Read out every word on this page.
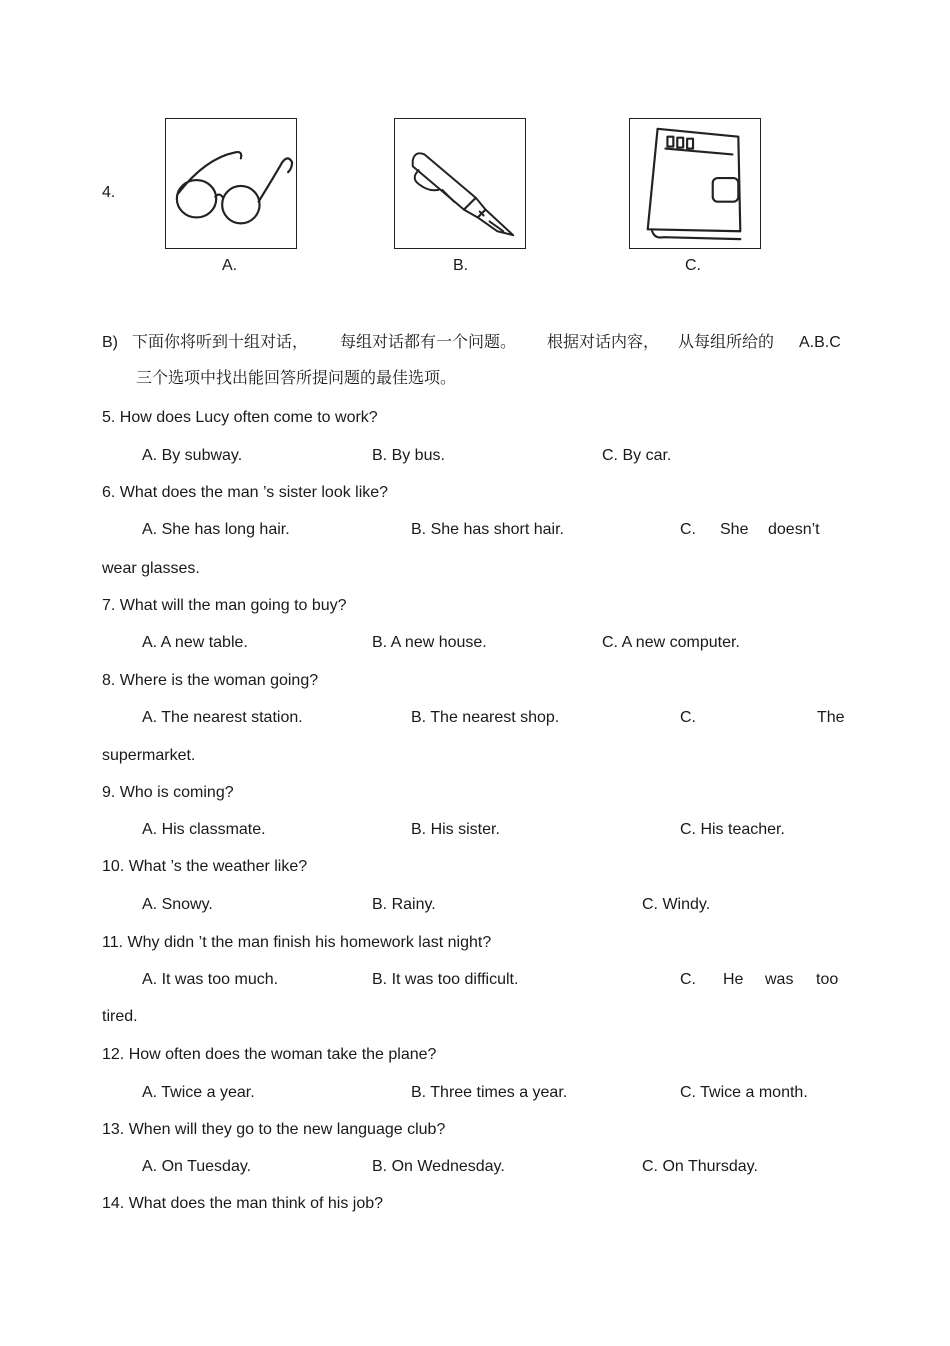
4.
A.	B.	C.
B) 下面你将听到十组对话， 每组对话都有一个问题。 根据对话内容， 从每组所给的 A.B.C
三个选项中找出能回答所提问题的最佳选项。
5. How does Lucy often come to work?
A. By subway.	B. By bus.	C. By car.
6. What does the man ’s sister look like?
A. She has long hair.	B. She has short hair.	C. She doesn’t
wear glasses.
7. What will the man going to buy?
A. A new table.	B. A new house.	C. A new computer.
8. Where is the woman going?
A. The nearest station.	B. The nearest shop.	C.	The
supermarket.
9. Who is coming?
A. His classmate.	B. His sister.	C. His teacher.
10. What ’s the weather like?
A. Snowy.	B. Rainy.	C. Windy.
11. Why didn ’t the man finish his homework last night?
A. It was too much.	B. It was too difficult.	C. He was too
tired.
12. How often does the woman take the plane?
A. Twice a year.	B. Three times a year.	C. Twice a month.
13. When will they go to the new language club?
A. On Tuesday.	B. On Wednesday.	C. On Thursday.
14. What does the man think of his job?
